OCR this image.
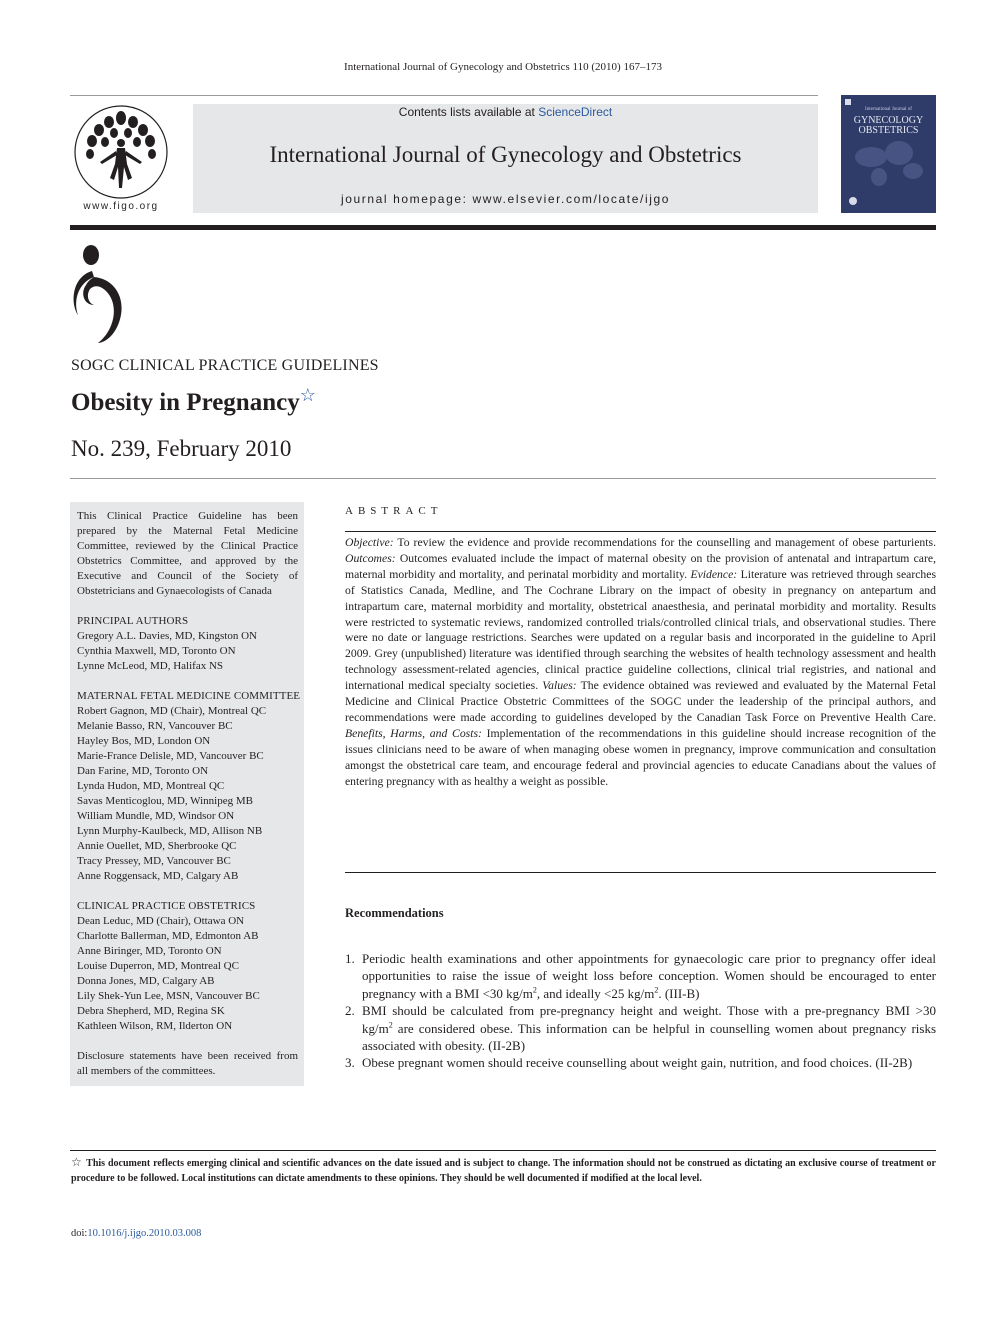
International Journal of Gynecology and Obstetrics 110 (2010) 167–173
www.figo.org
Contents lists available at ScienceDirect
International Journal of Gynecology and Obstetrics
journal homepage: www.elsevier.com/locate/ijgo
International Journal of
GYNECOLOGY OBSTETRICS
SOGC CLINICAL PRACTICE GUIDELINES
Obesity in Pregnancy☆
No. 239, February 2010
This Clinical Practice Guideline has been prepared by the Maternal Fetal Medicine Committee, reviewed by the Clinical Practice Obstetrics Committee, and approved by the Executive and Council of the Society of Obstetricians and Gynaecologists of Canada
PRINCIPAL AUTHORS
Gregory A.L. Davies, MD, Kingston ON
Cynthia Maxwell, MD, Toronto ON
Lynne McLeod, MD, Halifax NS
MATERNAL FETAL MEDICINE COMMITTEE
Robert Gagnon, MD (Chair), Montreal QC
Melanie Basso, RN, Vancouver BC
Hayley Bos, MD, London ON
Marie-France Delisle, MD, Vancouver BC
Dan Farine, MD, Toronto ON
Lynda Hudon, MD, Montreal QC
Savas Menticoglou, MD, Winnipeg MB
William Mundle, MD, Windsor ON
Lynn Murphy-Kaulbeck, MD, Allison NB
Annie Ouellet, MD, Sherbrooke QC
Tracy Pressey, MD, Vancouver BC
Anne Roggensack, MD, Calgary AB
CLINICAL PRACTICE OBSTETRICS
Dean Leduc, MD (Chair), Ottawa ON
Charlotte Ballerman, MD, Edmonton AB
Anne Biringer, MD, Toronto ON
Louise Duperron, MD, Montreal QC
Donna Jones, MD, Calgary AB
Lily Shek-Yun Lee, MSN, Vancouver BC
Debra Shepherd, MD, Regina SK
Kathleen Wilson, RM, Ilderton ON
Disclosure statements have been received from all members of the committees.
ABSTRACT
Objective: To review the evidence and provide recommendations for the counselling and management of obese parturients. Outcomes: Outcomes evaluated include the impact of maternal obesity on the provision of antenatal and intrapartum care, maternal morbidity and mortality, and perinatal morbidity and mortality. Evidence: Literature was retrieved through searches of Statistics Canada, Medline, and The Cochrane Library on the impact of obesity in pregnancy on antepartum and intrapartum care, maternal morbidity and mortality, obstetrical anaesthesia, and perinatal morbidity and mortality. Results were restricted to systematic reviews, randomized controlled trials/controlled clinical trials, and observational studies. There were no date or language restrictions. Searches were updated on a regular basis and incorporated in the guideline to April 2009. Grey (unpublished) literature was identified through searching the websites of health technology assessment and health technology assessment-related agencies, clinical practice guideline collections, clinical trial registries, and national and international medical specialty societies. Values: The evidence obtained was reviewed and evaluated by the Maternal Fetal Medicine and Clinical Practice Obstetric Committees of the SOGC under the leadership of the principal authors, and recommendations were made according to guidelines developed by the Canadian Task Force on Preventive Health Care. Benefits, Harms, and Costs: Implementation of the recommendations in this guideline should increase recognition of the issues clinicians need to be aware of when managing obese women in pregnancy, improve communication and consultation amongst the obstetrical care team, and encourage federal and provincial agencies to educate Canadians about the values of entering pregnancy with as healthy a weight as possible.
Recommendations
1. Periodic health examinations and other appointments for gynaecologic care prior to pregnancy offer ideal opportunities to raise the issue of weight loss before conception. Women should be encouraged to enter pregnancy with a BMI <30 $kg/m^2$, and ideally <25 $kg/m^2$. (III-B)
2. BMI should be calculated from pre-pregnancy height and weight. Those with a pre-pregnancy BMI >30 $kg/m^2$ are considered obese. This information can be helpful in counselling women about pregnancy risks associated with obesity. (II-2B)
3. Obese pregnant women should receive counselling about weight gain, nutrition, and food choices. (II-2B)
☆ This document reflects emerging clinical and scientific advances on the date issued and is subject to change. The information should not be construed as dictating an exclusive course of treatment or procedure to be followed. Local institutions can dictate amendments to these opinions. They should be well documented if modified at the local level.
doi:10.1016/j.ijgo.2010.03.008
